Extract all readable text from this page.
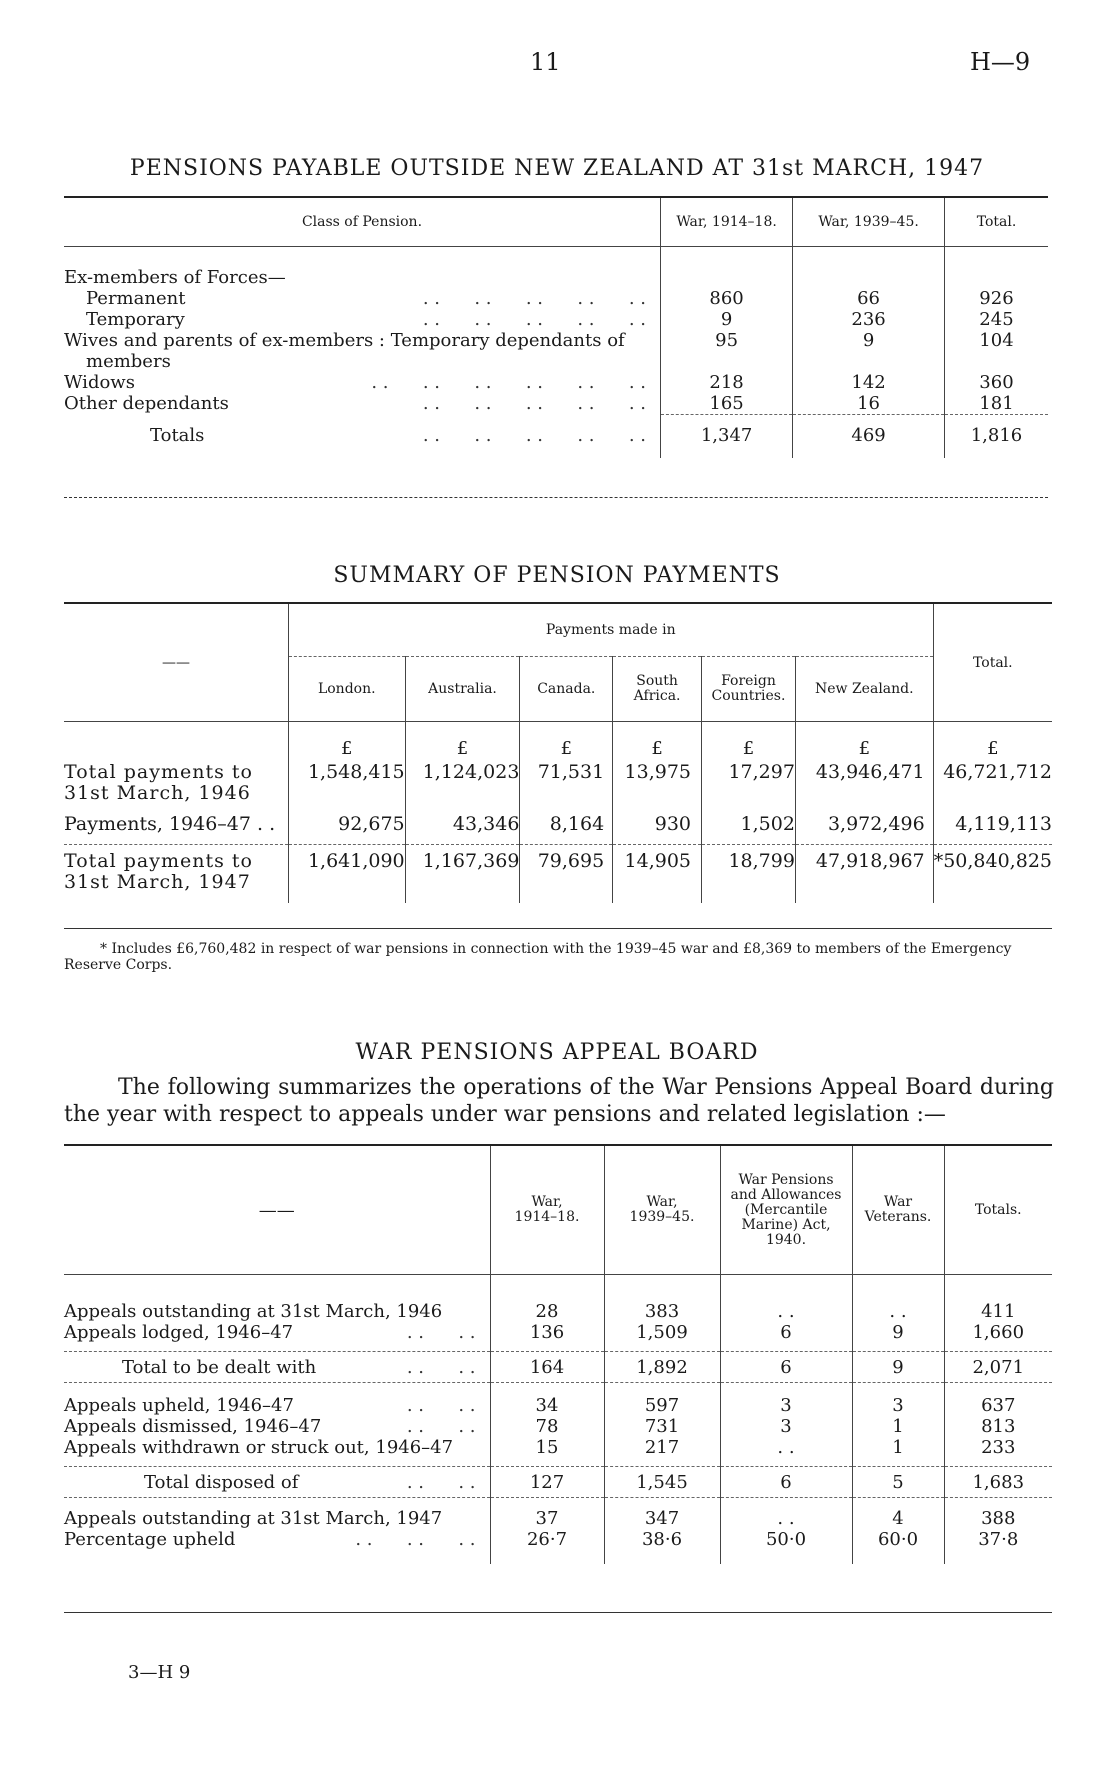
11	H—9
PENSIONS PAYABLE OUTSIDE NEW ZEALAND AT 31st MARCH, 1947
Class of Pension.	War, 1914–18.	War, 1939–45.	Total.

Ex-members of Forces—			
Permanent . .      . .      . .      . .      . .	860	66	926
Temporary . .      . .      . .      . .      . .	9	236	245

Wives and parents of ex-members : Temporary dependants of members	95	9	104
Widows . .      . .      . .      . .      . .      . .	218	142	360
Other dependants . .      . .      . .      . .      . .	165	16	181

Totals . .      . .      . .      . .      . .	1,347	469	1,816

SUMMARY OF PENSION PAYMENTS
——	Payments made in						Total.
	London.	Australia.	Canada.	South Africa.	Foreign Countries.	New Zealand.	
	£	£	£	£	£	£	£
Total payments to 31st March, 1946	1,548,415	1,124,023	71,531	13,975	17,297	43,946,471	46,721,712
Payments, 1946–47 . .	92,675	43,346	8,164	930	1,502	3,972,496	4,119,113
Total payments to 31st March, 1947	1,641,090	1,167,369	79,695	14,905	18,799	47,918,967	*50,840,825

* Includes £6,760,482 in respect of war pensions in connection with the 1939–45 war and £8,369 to members of the Emergency Reserve Corps.

WAR PENSIONS APPEAL BOARD

The following summarizes the operations of the War Pensions Appeal Board during the year with respect to appeals under war pensions and related legislation :—

——	War, 1914–18.	War, 1939–45.	War Pensions and Allowances (Mercantile Marine) Act, 1940.	War Veterans.	Totals.

Appeals outstanding at 31st March, 1946	28	383	. .	. .	411
Appeals lodged, 1946–47 . .      . .	136	1,509	6	9	1,660

Total to be dealt with . .      . .	164	1,892	6	9	2,071

Appeals upheld, 1946–47 . .      . .	34	597	3	3	637
Appeals dismissed, 1946–47 . .      . .	78	731	3	1	813
Appeals withdrawn or struck out, 1946–47	15	217	. .	1	233

Total disposed of . .      . .	127	1,545	6	5	1,683

Appeals outstanding at 31st March, 1947	37	347	. .	4	388
Percentage upheld . .      . .      . .	26·7	38·6	50·0	60·0	37·8

3—H 9
